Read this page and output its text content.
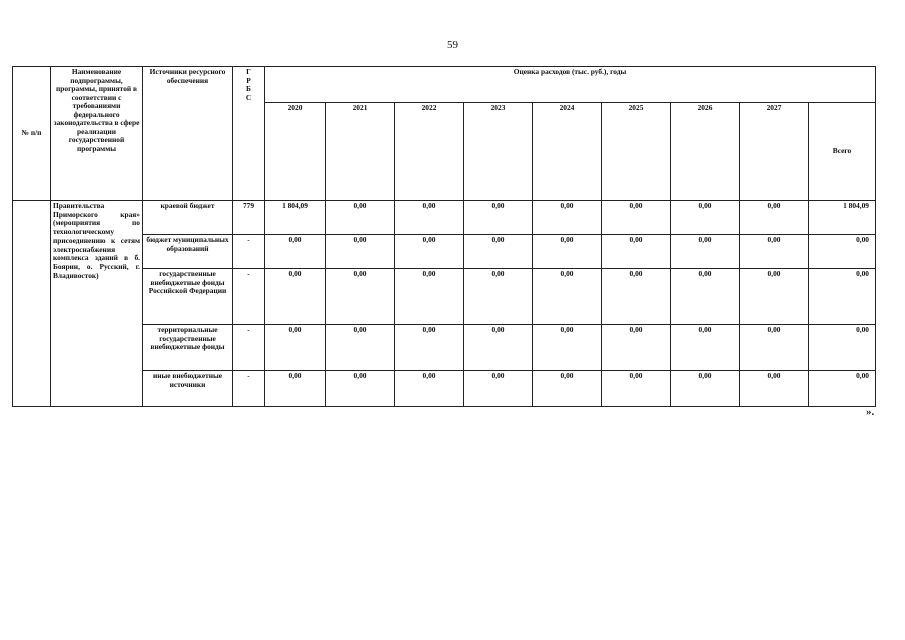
59
№ п/п	Наименование подпрограммы, программы, принятой в соответствии с требованиями федерального законодательства в сфере реализации государственной программы	Источники ресурсного обеспечения	Г Р Б С	Оценка расходов (тыс. руб.), годы								
				2020	2021	2022	2023	2024	2025	2026	2027	Всего
	Правительства Приморского края» (мероприятия по технологическому присоединению к сетям электроснабжения комплекса зданий в б. Боярин, о. Русский, г. Владивосток)	краевой бюджет	779	1 804,09	0,00	0,00	0,00	0,00	0,00	0,00	0,00	1 804,09
		бюджет муниципальных образований	-	0,00	0,00	0,00	0,00	0,00	0,00	0,00	0,00	0,00
		государственные внебюджетные фонды Российской Федерации	-	0,00	0,00	0,00	0,00	0,00	0,00	0,00	0,00	0,00
		территориальные государственные внебюджетные фонды	-	0,00	0,00	0,00	0,00	0,00	0,00	0,00	0,00	0,00
		иные внебюджетные источники	-	0,00	0,00	0,00	0,00	0,00	0,00	0,00	0,00	0,00
».
